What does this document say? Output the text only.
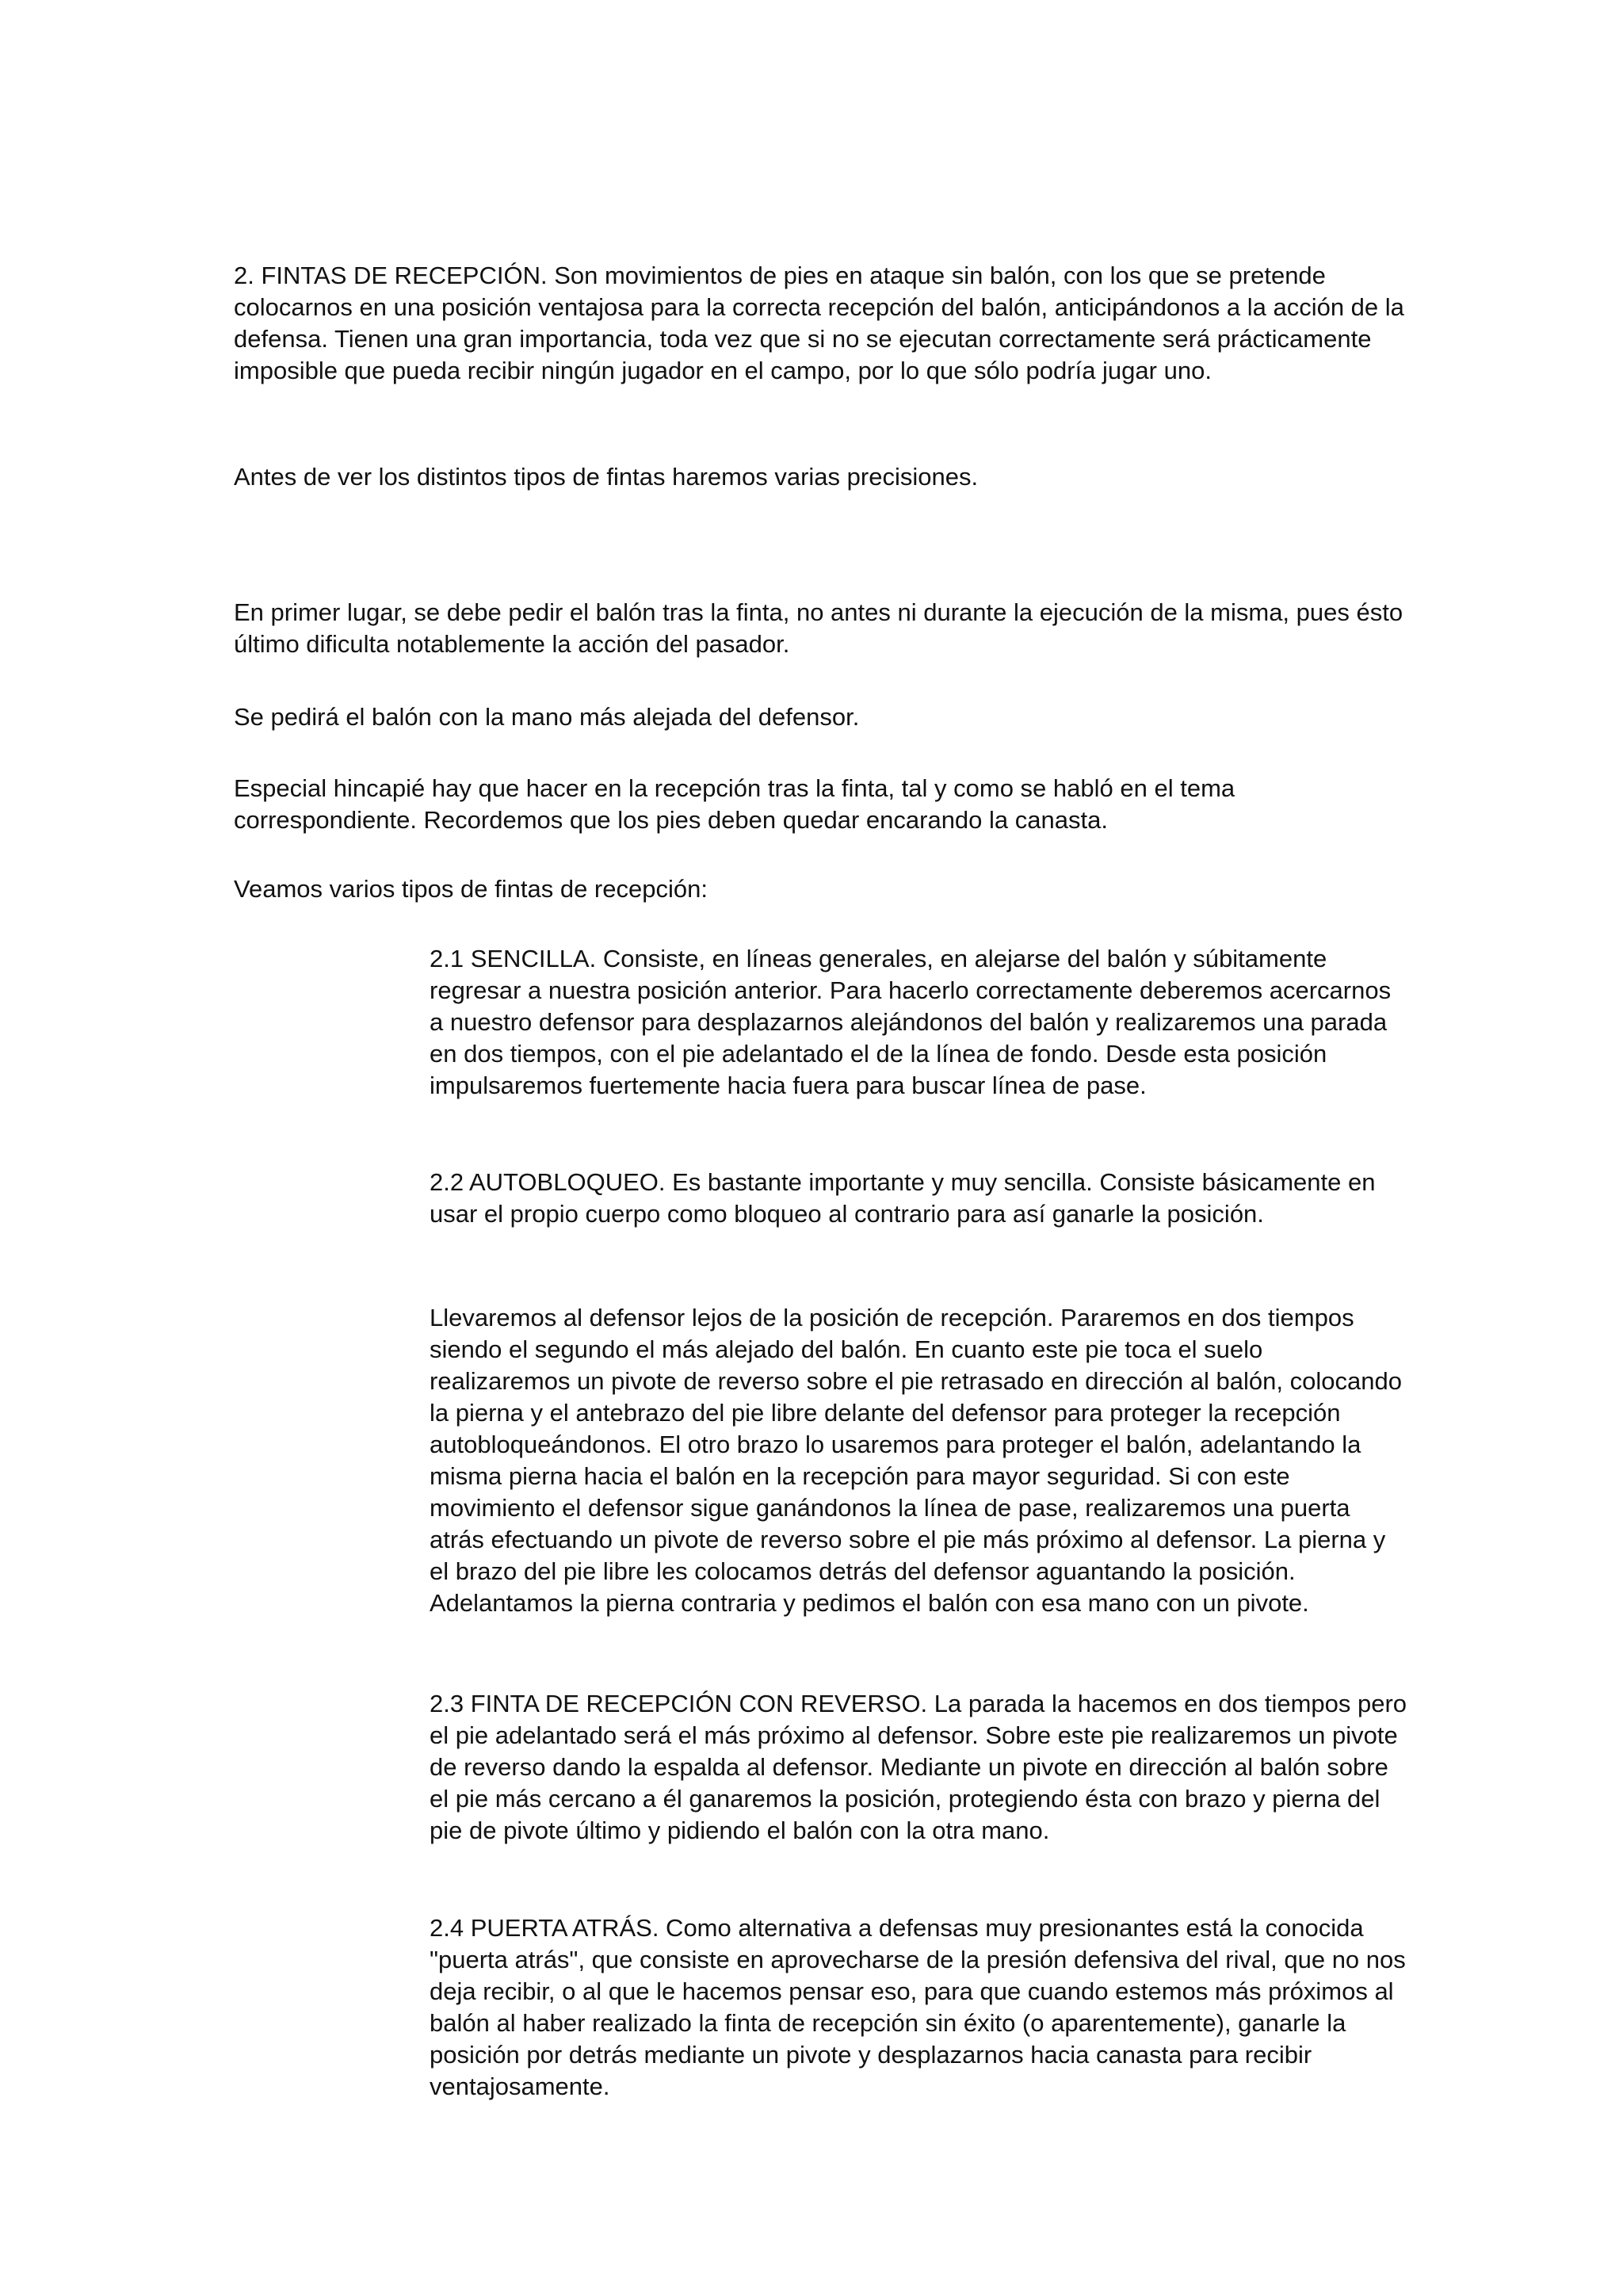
2. FINTAS DE RECEPCIÓN. Son movimientos de pies en ataque sin balón, con los que se pretende colocarnos en una posición ventajosa para la correcta recepción del balón, anticipándonos a la acción de la defensa. Tienen una gran importancia, toda vez que si no se ejecutan correctamente será prácticamente imposible que pueda recibir ningún jugador en el campo, por lo que sólo podría jugar uno.

Antes de ver los distintos tipos de fintas haremos varias precisiones.

En primer lugar, se debe pedir el balón tras la finta, no antes ni durante la ejecución de la misma, pues ésto último dificulta notablemente la acción del pasador.

Se pedirá el balón con la mano más alejada del defensor.

Especial hincapié hay que hacer en la recepción tras la finta, tal y como se habló en el tema correspondiente. Recordemos que los pies deben quedar encarando la canasta.

Veamos varios tipos de fintas de recepción:

2.1 SENCILLA. Consiste, en líneas generales, en alejarse del balón y súbitamente regresar a nuestra posición anterior. Para hacerlo correctamente deberemos acercarnos a nuestro defensor para desplazarnos alejándonos del balón y realizaremos una parada en dos tiempos, con el pie adelantado el de la línea de fondo. Desde esta posición impulsaremos fuertemente hacia fuera para buscar línea de pase.

2.2 AUTOBLOQUEO. Es bastante importante y muy sencilla. Consiste básicamente en usar el propio cuerpo como bloqueo al contrario para así ganarle la posición.

Llevaremos al defensor lejos de la posición de recepción. Pararemos en dos tiempos siendo el segundo el más alejado del balón. En cuanto este pie toca el suelo realizaremos un pivote de reverso sobre el pie retrasado en dirección al balón, colocando la pierna y el antebrazo del pie libre delante del defensor para proteger la recepción autobloqueándonos. El otro brazo lo usaremos para proteger el balón, adelantando la misma pierna hacia el balón en la recepción para mayor seguridad. Si con este movimiento el defensor sigue ganándonos la línea de pase, realizaremos una puerta atrás efectuando un pivote de reverso sobre el pie más próximo al defensor. La pierna y el brazo del pie libre les colocamos detrás del defensor aguantando la posición. Adelantamos la pierna contraria y pedimos el balón con esa mano con un pivote.

2.3 FINTA DE RECEPCIÓN CON REVERSO. La parada la hacemos en dos tiempos pero el pie adelantado será el más próximo al defensor. Sobre este pie realizaremos un pivote de reverso dando la espalda al defensor. Mediante un pivote en dirección al balón sobre el pie más cercano a él ganaremos la posición, protegiendo ésta con brazo y pierna del pie de pivote último y pidiendo el balón con la otra mano.

2.4 PUERTA ATRÁS. Como alternativa a defensas muy presionantes está la conocida "puerta atrás", que consiste en aprovecharse de la presión defensiva del rival, que no nos deja recibir, o al que le hacemos pensar eso, para que cuando estemos más próximos al balón al haber realizado la finta de recepción sin éxito (o aparentemente), ganarle la posición por detrás mediante un pivote y desplazarnos hacia canasta para recibir ventajosamente.
